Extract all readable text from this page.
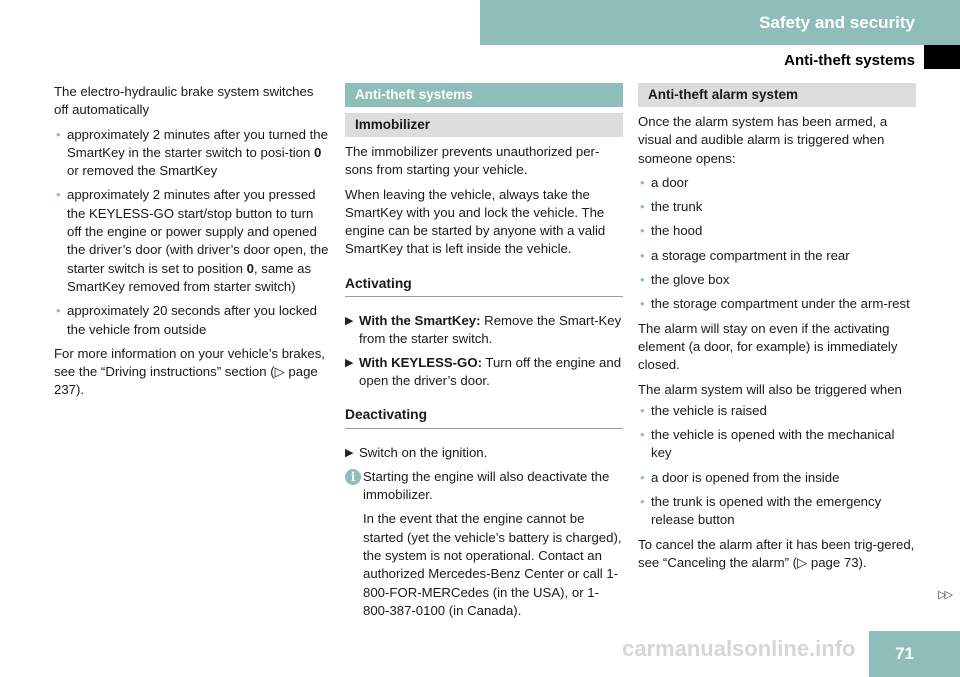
Safety and security
Anti-theft systems

The electro-hydraulic brake system switches off automatically

• approximately 2 minutes after you turned the SmartKey in the starter switch to posi-tion 0 or removed the SmartKey
• approximately 2 minutes after you pressed the KEYLESS-GO start/stop button to turn off the engine or power supply and opened the driver’s door (with driver’s door open, the starter switch is set to position 0, same as SmartKey removed from starter switch)
• approximately 20 seconds after you locked the vehicle from outside

For more information on your vehicle’s brakes, see the “Driving instructions” section (▷ page 237).

Anti-theft systems
Immobilizer

The immobilizer prevents unauthorized per-sons from starting your vehicle.

When leaving the vehicle, always take the SmartKey with you and lock the vehicle. The engine can be started by anyone with a valid SmartKey that is left inside the vehicle.

Activating
▶ With the SmartKey: Remove the Smart-Key from the starter switch.
▶ With KEYLESS-GO: Turn off the engine and open the driver’s door.
Deactivating
▶ Switch on the ignition.
i Starting the engine will also deactivate the immobilizer.

In the event that the engine cannot be started (yet the vehicle’s battery is charged), the system is not operational. Contact an authorized Mercedes-Benz Center or call 1-800-FOR-MERCedes (in the USA), or 1-800-387-0100 (in Canada).

Anti-theft alarm system

Once the alarm system has been armed, a visual and audible alarm is triggered when someone opens:

• a door
• the trunk
• the hood
• a storage compartment in the rear
• the glove box
• the storage compartment under the arm-rest

The alarm will stay on even if the activating element (a door, for example) is immediately closed.

The alarm system will also be triggered when

• the vehicle is raised
• the vehicle is opened with the mechanical key
• a door is opened from the inside
• the trunk is opened with the emergency release button

To cancel the alarm after it has been trig-gered, see “Canceling the alarm” (▷ page 73).

carmanualsonline.info
▷▷
71
